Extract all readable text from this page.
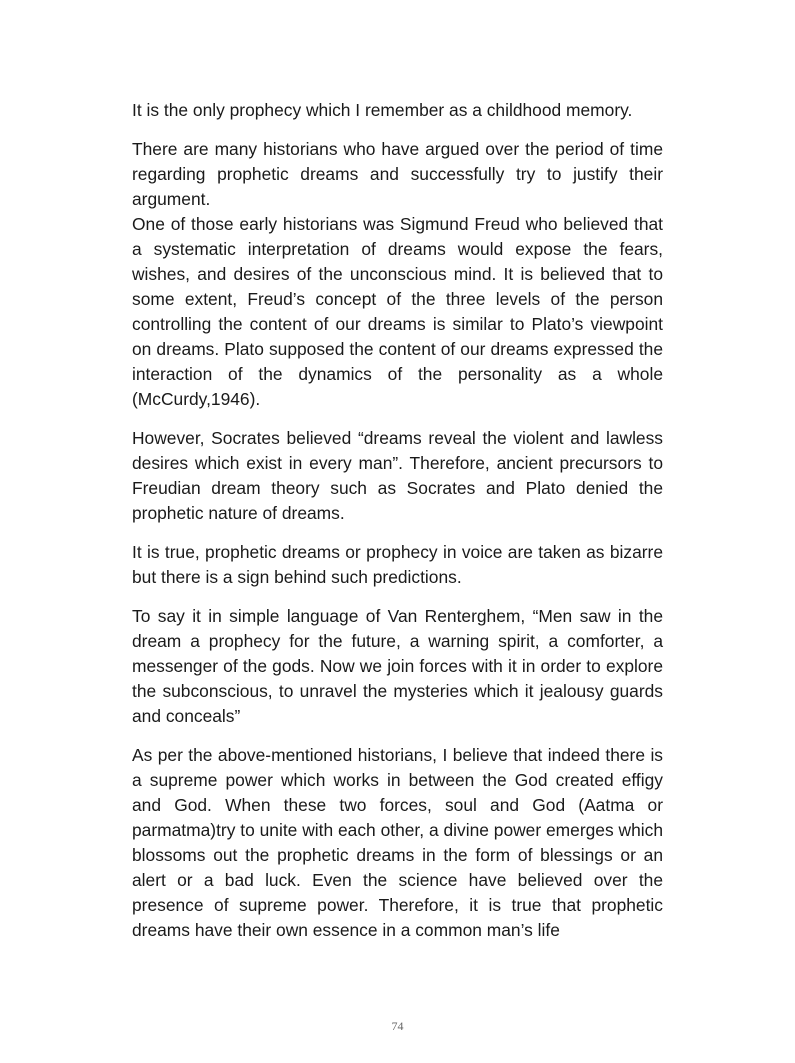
It is the only prophecy which I remember as a childhood memory.

There are many historians who have argued over the period of time regarding prophetic dreams and successfully try to justify their argument.

One of those early historians was Sigmund Freud who believed that a systematic interpretation of dreams would expose the fears, wishes, and desires of the unconscious mind. It is believed that to some extent, Freud’s concept of the three levels of the person controlling the content of our dreams is similar to Plato’s viewpoint on dreams. Plato supposed the content of our dreams expressed the interaction of the dynamics of the personality as a whole (McCurdy,1946).

However, Socrates believed “dreams reveal the violent and lawless desires which exist in every man”. Therefore, ancient precursors to Freudian dream theory such as Socrates and Plato denied the prophetic nature of dreams.

It is true, prophetic dreams or prophecy in voice are taken as bizarre but there is a sign behind such predictions.

To say it in simple language of Van Renterghem, “Men saw in the dream a prophecy for the future, a warning spirit, a comforter, a messenger of the gods. Now we join forces with it in order to explore the subconscious, to unravel the mysteries which it jealousy guards and conceals”

As per the above-mentioned historians, I believe that indeed there is a supreme power which works in between the God created effigy and God. When these two forces, soul and God (Aatma or parmatma)try to unite with each other, a divine power emerges which blossoms out the prophetic dreams in the form of blessings or an alert or a bad luck. Even the science have believed over the presence of supreme power. Therefore, it is true that prophetic dreams have their own essence in a common man’s life

74
